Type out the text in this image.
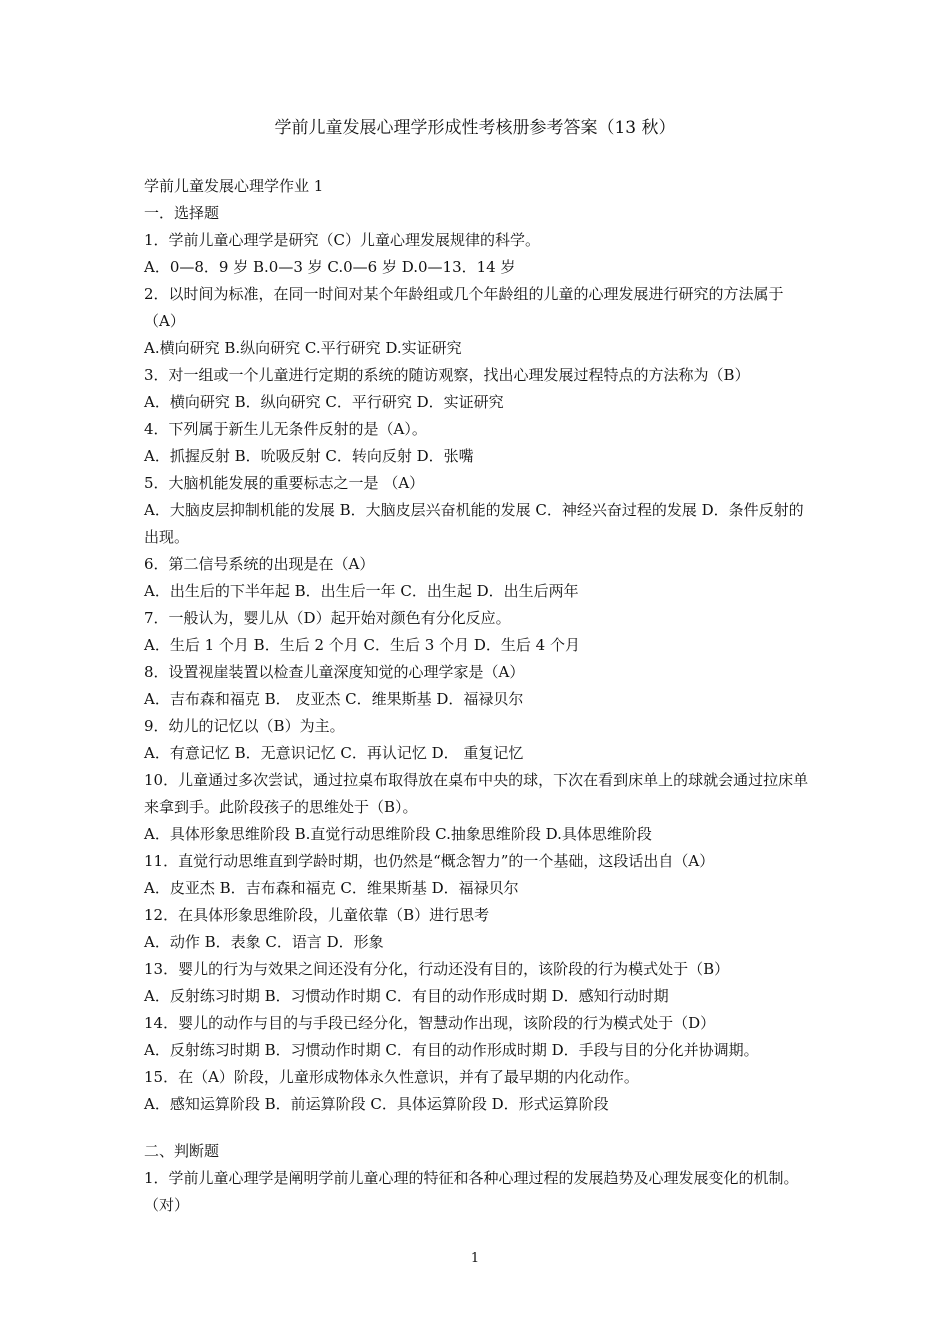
学前儿童发展心理学形成性考核册参考答案（13 秋）
学前儿童发展心理学作业 1
一．选择题
1．学前儿童心理学是研究（C）儿童心理发展规律的科学。
A．0—8．9 岁 B.0—3 岁 C.0—6 岁 D.0—13．14 岁
2．以时间为标准，在同一时间对某个年龄组或几个年龄组的儿童的心理发展进行研究的方法属于（A）
A.横向研究 B.纵向研究 C.平行研究 D.实证研究
3．对一组或一个儿童进行定期的系统的随访观察，找出心理发展过程特点的方法称为（B）
A．横向研究 B．纵向研究 C．平行研究 D．实证研究
4．下列属于新生儿无条件反射的是（A）。
A．抓握反射 B．吮吸反射 C．转向反射 D．张嘴
5．大脑机能发展的重要标志之一是 （A）
A．大脑皮层抑制机能的发展 B．大脑皮层兴奋机能的发展 C．神经兴奋过程的发展 D．条件反射的出现。
6．第二信号系统的出现是在（A）
A．出生后的下半年起 B．出生后一年 C．出生起 D．出生后两年
7．一般认为，婴儿从（D）起开始对颜色有分化反应。
A．生后 1 个月 B．生后 2 个月 C．生后 3 个月 D．生后 4 个月
8．设置视崖装置以检查儿童深度知觉的心理学家是（A）
A．吉布森和福克 B． 皮亚杰 C．维果斯基 D．福禄贝尔
9．幼儿的记忆以（B）为主。
A．有意记忆 B．无意识记忆 C．再认记忆 D． 重复记忆
10．儿童通过多次尝试，通过拉桌布取得放在桌布中央的球，下次在看到床单上的球就会通过拉床单来拿到手。此阶段孩子的思维处于（B）。
A．具体形象思维阶段 B.直觉行动思维阶段 C.抽象思维阶段 D.具体思维阶段
11．直觉行动思维直到学龄时期，也仍然是“概念智力”的一个基础，这段话出自（A）
A．皮亚杰 B．吉布森和福克 C．维果斯基 D．福禄贝尔
12．在具体形象思维阶段，儿童依靠（B）进行思考
A．动作 B．表象 C．语言 D．形象
13．婴儿的行为与效果之间还没有分化，行动还没有目的，该阶段的行为模式处于（B）
A．反射练习时期 B．习惯动作时期 C．有目的动作形成时期 D．感知行动时期
14．婴儿的动作与目的与手段已经分化，智慧动作出现，该阶段的行为模式处于（D）
A．反射练习时期 B．习惯动作时期 C．有目的动作形成时期 D．手段与目的分化并协调期。
15．在（A）阶段，儿童形成物体永久性意识，并有了最早期的内化动作。
A．感知运算阶段 B．前运算阶段 C．具体运算阶段 D．形式运算阶段
二、判断题
1．学前儿童心理学是阐明学前儿童心理的特征和各种心理过程的发展趋势及心理发展变化的机制。（对）
1
